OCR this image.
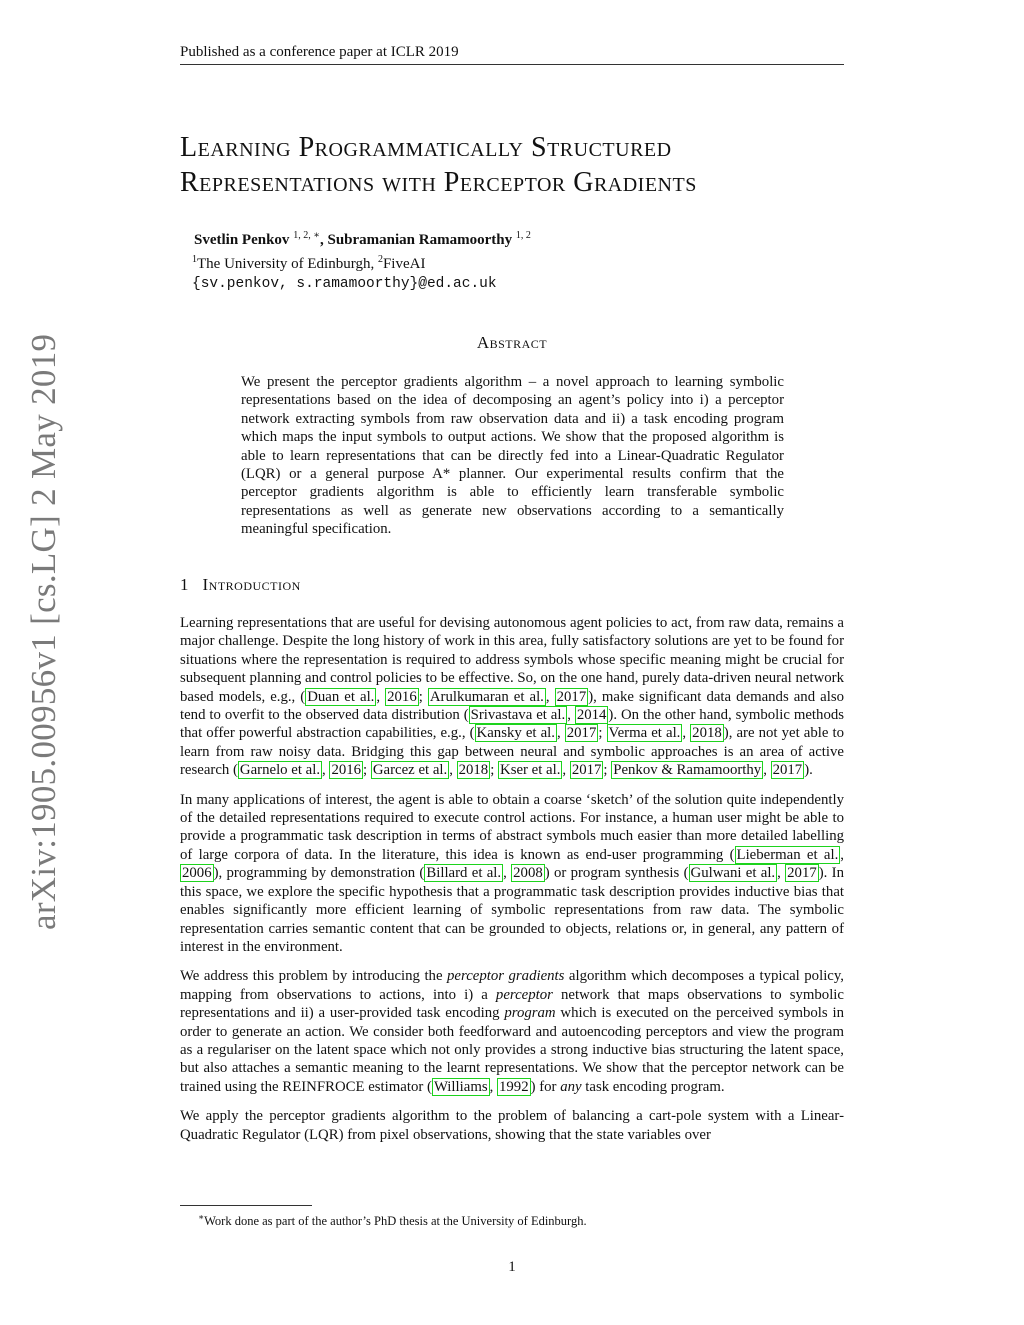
Published as a conference paper at ICLR 2019
arXiv:1905.00956v1 [cs.LG] 2 May 2019
Learning Programmatically Structured
Representations with Perceptor Gradients
Svetlin Penkov $^{1, 2, ∗}$, Subramanian Ramamoorthy $^{1, 2}$
$^1$The University of Edinburgh, $^2$FiveAI
{sv.penkov, s.ramamoorthy}@ed.ac.uk
Abstract

We present the perceptor gradients algorithm – a novel approach to learning symbolic representations based on the idea of decomposing an agent’s policy into i) a perceptor network extracting symbols from raw observation data and ii) a task encoding program which maps the input symbols to output actions. We show that the proposed algorithm is able to learn representations that can be directly fed into a Linear-Quadratic Regulator (LQR) or a general purpose A* planner. Our experimental results confirm that the perceptor gradients algorithm is able to efficiently learn transferable symbolic representations as well as generate new observations according to a semantically meaningful specification.

1 Introduction

Learning representations that are useful for devising autonomous agent policies to act, from raw data, remains a major challenge. Despite the long history of work in this area, fully satisfactory solutions are yet to be found for situations where the representation is required to address symbols whose specific meaning might be crucial for subsequent planning and control policies to be effective. So, on the one hand, purely data-driven neural network based models, e.g., ( Duan et al. , 2016 ; Arulkumaran et al. , 2017 ), make significant data demands and also tend to overfit to the observed data distribution ( Srivastava et al. , 2014 ). On the other hand, symbolic methods that offer powerful abstraction capabilities, e.g., ( Kansky et al. , 2017 ; Verma et al. , 2018 ), are not yet able to learn from raw noisy data. Bridging this gap between neural and symbolic approaches is an area of active research ( Garnelo et al. , 2016 ; Garcez et al. , 2018 ; Kser et al. , 2017 ; Penkov & Ramamoorthy , 2017 ).

In many applications of interest, the agent is able to obtain a coarse ‘sketch’ of the solution quite independently of the detailed representations required to execute control actions. For instance, a human user might be able to provide a programmatic task description in terms of abstract symbols much easier than more detailed labelling of large corpora of data. In the literature, this idea is known as end-user programming ( Lieberman et al. , 2006 ), programming by demonstration ( Billard et al. , 2008 ) or program synthesis ( Gulwani et al. , 2017 ). In this space, we explore the specific hypothesis that a programmatic task description provides inductive bias that enables significantly more efficient learning of symbolic representations from raw data. The symbolic representation carries semantic content that can be grounded to objects, relations or, in general, any pattern of interest in the environment.

We address this problem by introducing the perceptor gradients algorithm which decomposes a typical policy, mapping from observations to actions, into i) a perceptor network that maps observations to symbolic representations and ii) a user-provided task encoding program which is executed on the perceived symbols in order to generate an action. We consider both feedforward and autoencoding perceptors and view the program as a regulariser on the latent space which not only provides a strong inductive bias structuring the latent space, but also attaches a semantic meaning to the learnt representations. We show that the perceptor network can be trained using the REINFROCE estimator ( Williams , 1992 ) for any task encoding program.

We apply the perceptor gradients algorithm to the problem of balancing a cart-pole system with a Linear-Quadratic Regulator (LQR) from pixel observations, showing that the state variables over

∗Work done as part of the author’s PhD thesis at the University of Edinburgh.
1
